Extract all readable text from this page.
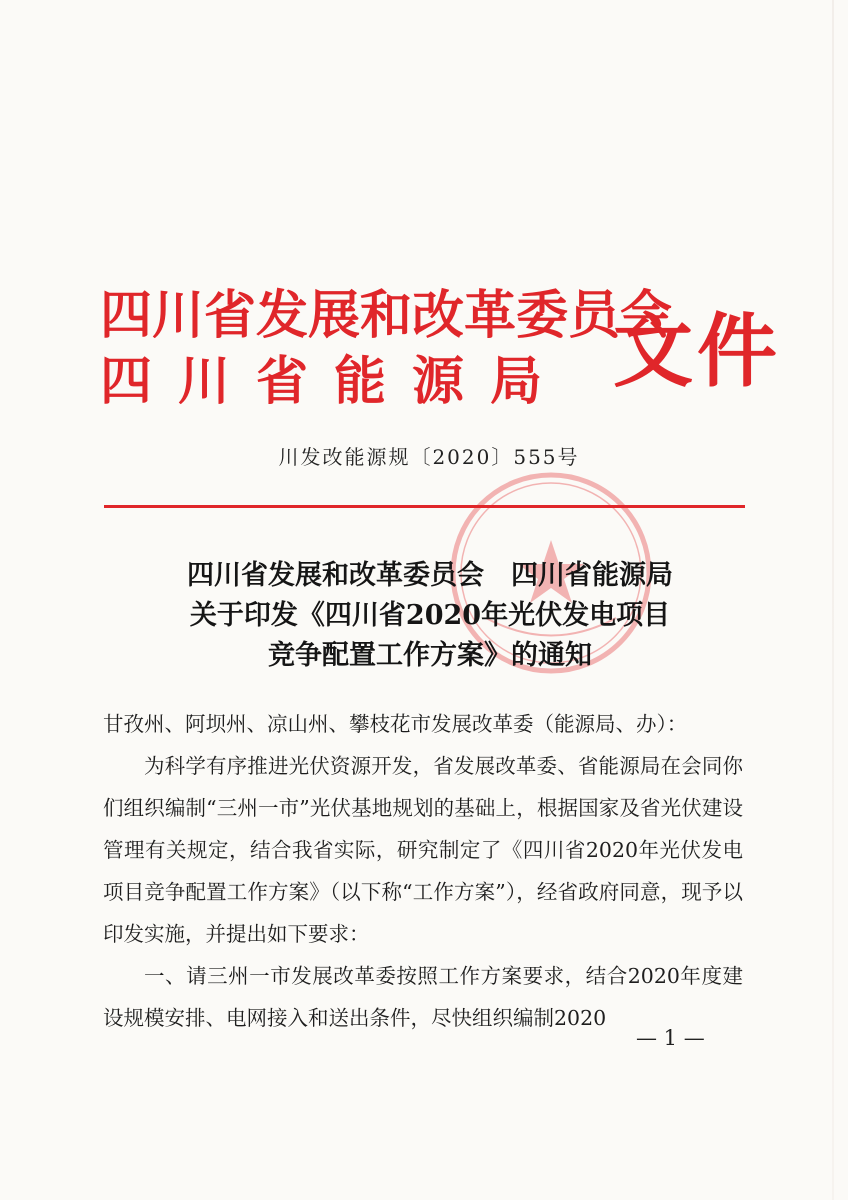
四川省发展和改革委员会
四川省能源局 文件
川发改能源规〔2020〕555号
四川省发展和改革委员会　四川省能源局
关于印发《四川省2020年光伏发电项目
竞争配置工作方案》的通知
甘孜州、阿坝州、凉山州、攀枝花市发展改革委（能源局、办）：

为科学有序推进光伏资源开发，省发展改革委、省能源局在会同你们组织编制“三州一市”光伏基地规划的基础上，根据国家及省光伏建设管理有关规定，结合我省实际，研究制定了《四川省2020年光伏发电项目竞争配置工作方案》（以下称“工作方案”），经省政府同意，现予以印发实施，并提出如下要求：

一、请三州一市发展改革委按照工作方案要求，结合2020年度建设规模安排、电网接入和送出条件，尽快组织编制2020

— 1 —
